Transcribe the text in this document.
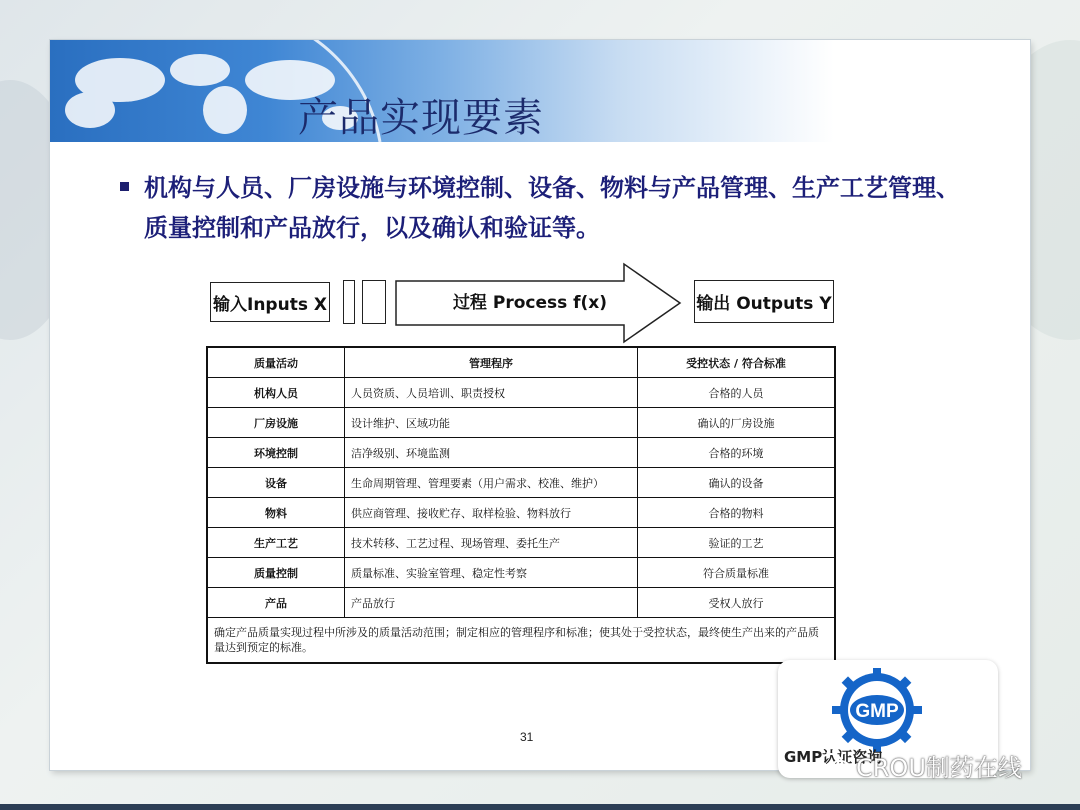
产品实现要素
机构与人员、厂房设施与环境控制、设备、物料与产品管理、生产工艺管理、质量控制和产品放行，以及确认和验证等。
输入Inputs X	过程 Process f(x)	输出 Outputs Y
质量活动	管理程序	受控状态 / 符合标准
机构人员	人员资质、人员培训、职责授权	合格的人员
厂房设施	设计维护、区域功能	确认的厂房设施
环境控制	洁净级别、环境监测	合格的环境
设备	生命周期管理、管理要素（用户需求、校准、维护）	确认的设备
物料	供应商管理、接收贮存、取样检验、物料放行	合格的物料
生产工艺	技术转移、工艺过程、现场管理、委托生产	验证的工艺
质量控制	质量标准、实验室管理、稳定性考察	符合质量标准
产品	产品放行	受权人放行
确定产品质量实现过程中所涉及的质量活动范围；制定相应的管理程序和标准；使其处于受控状态，最终使生产出来的产品质量达到预定的标准。		
31
GMP
GMP认证咨询
CROU制药在线
